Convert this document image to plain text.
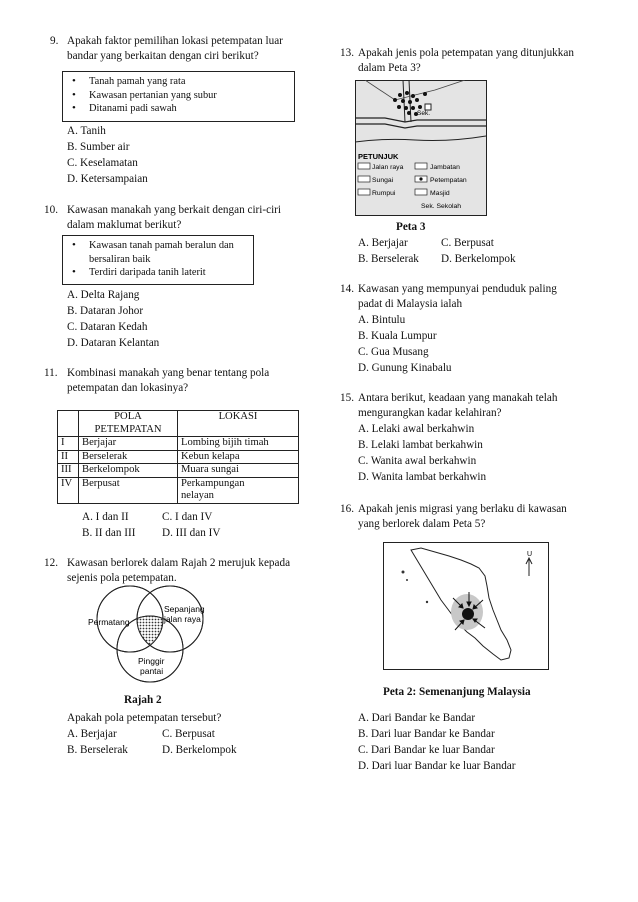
9. Apakah faktor pemilihan lokasi petempatan luar
bandar yang berkaitan dengan ciri berikut?
• Tanah pamah yang rata
• Kawasan pertanian yang subur
• Ditanami padi sawah
A. Tanih
B. Sumber air
C. Keselamatan
D. Ketersampaian
10. Kawasan manakah yang berkait dengan ciri-ciri
dalam maklumat berikut?
• Kawasan tanah pamah beralun dan
bersaliran baik
• Terdiri daripada tanih laterit
A. Delta Rajang
B. Dataran Johor
C. Dataran Kedah
D. Dataran Kelantan
11. Kombinasi manakah yang benar tentang pola
petempatan dan lokasinya?
	POLA
PETEMPATAN	LOKASI
I	Berjajar	Lombing bijih timah
II	Berselerak	Kebun kelapa
III	Berkelompok	Muara sungai
IV	Berpusat	Perkampungan
nelayan
A. I dan II	C. I dan IV
B. II dan III D. III dan IV
12. Kawasan berlorek dalam Rajah 2 merujuk kepada
sejenis pola petempatan.
Permatang
Sepanjang
jalan raya
Pinggir
pantai
Rajah 2
Apakah pola petempatan tersebut?
A. Berjajar	C. Berpusat
B. Berselerak	D. Berkelompok
13. Apakah jenis pola petempatan yang ditunjukkan
dalam Peta 3?
Sek.
PETUNJUK
Jalan raya
Sungai
Rumpui
Jambatan
Petempatan
Masjid
Sek. Sekolah
Peta 3
A. Berjajar	C. Berpusat
B. Berselerak D. Berkelompok
14. Kawasan yang mempunyai penduduk paling
padat di Malaysia ialah
A. Bintulu
B. Kuala Lumpur
C. Gua Musang
D. Gunung Kinabalu
15. Antara berikut, keadaan yang manakah telah
mengurangkan kadar kelahiran?
A. Lelaki awal berkahwin
B. Lelaki lambat berkahwin
C. Wanita awal berkahwin
D. Wanita lambat berkahwin
16. Apakah jenis migrasi yang berlaku di kawasan
yang berlorek dalam Peta 5?
U
Peta 2: Semenanjung Malaysia
A. Dari Bandar ke Bandar
B. Dari luar Bandar ke Bandar
C. Dari Bandar ke luar Bandar
D. Dari luar Bandar ke luar Bandar
